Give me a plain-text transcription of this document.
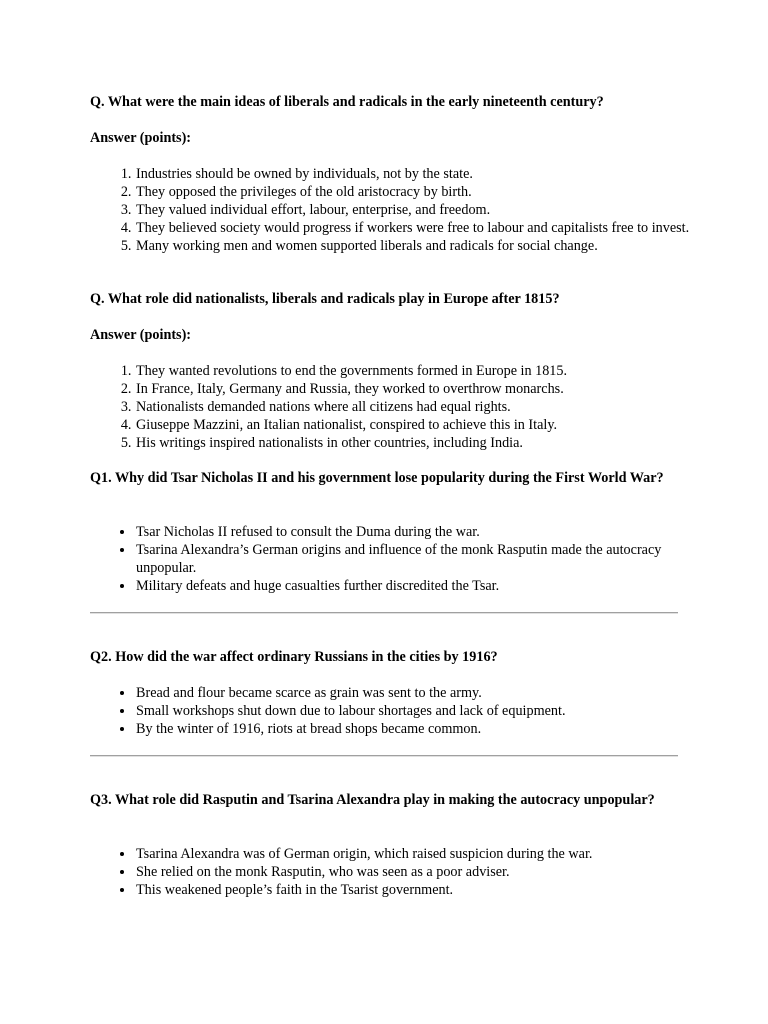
Q. What were the main ideas of liberals and radicals in the early nineteenth century?

Answer (points):

1. Industries should be owned by individuals, not by the state.
2. They opposed the privileges of the old aristocracy by birth.
3. They valued individual effort, labour, enterprise, and freedom.
4. They believed society would progress if workers were free to labour and capitalists free to invest.
5. Many working men and women supported liberals and radicals for social change.

Q. What role did nationalists, liberals and radicals play in Europe after 1815?

Answer (points):

1. They wanted revolutions to end the governments formed in Europe in 1815.
2. In France, Italy, Germany and Russia, they worked to overthrow monarchs.
3. Nationalists demanded nations where all citizens had equal rights.
4. Giuseppe Mazzini, an Italian nationalist, conspired to achieve this in Italy.
5. His writings inspired nationalists in other countries, including India.

Q1. Why did Tsar Nicholas II and his government lose popularity during the First World War?

• Tsar Nicholas II refused to consult the Duma during the war.
• Tsarina Alexandra’s German origins and influence of the monk Rasputin made the autocracy unpopular.
• Military defeats and huge casualties further discredited the Tsar.

Q2. How did the war affect ordinary Russians in the cities by 1916?

• Bread and flour became scarce as grain was sent to the army.
• Small workshops shut down due to labour shortages and lack of equipment.
• By the winter of 1916, riots at bread shops became common.

Q3. What role did Rasputin and Tsarina Alexandra play in making the autocracy unpopular?

• Tsarina Alexandra was of German origin, which raised suspicion during the war.
• She relied on the monk Rasputin, who was seen as a poor adviser.
• This weakened people’s faith in the Tsarist government.
